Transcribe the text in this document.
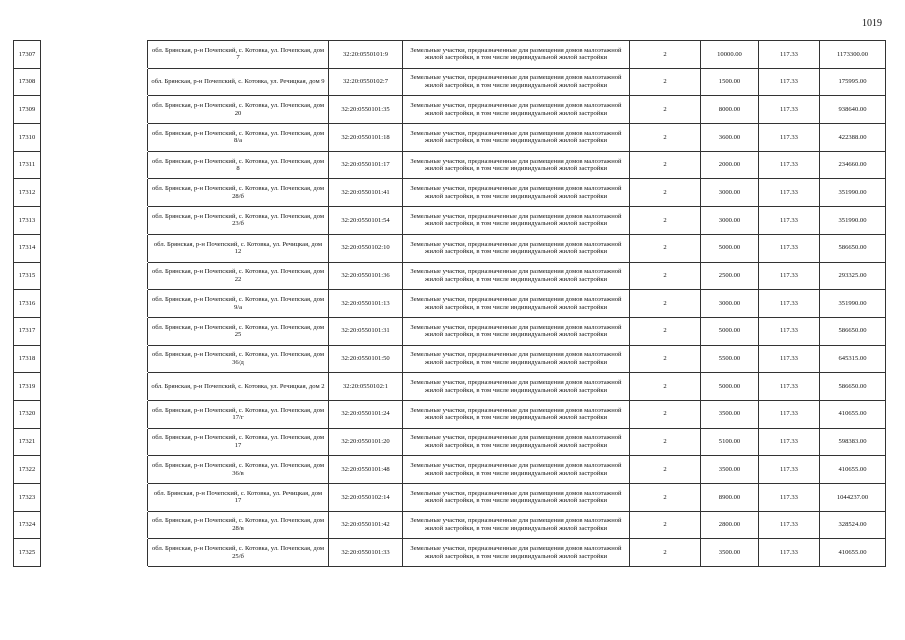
1019
17307		обл. Брянская, р-н Почепский, с. Котовка, ул. Почепская, дом 7	32:20:0550101:9	Земельные участки, предназначенные для размещения домов малоэтажной жилой застройки, в том числе индивидуальной жилой застройки	2	10000.00	117.33	1173300.00
17308		обл. Брянская, р-н Почепский, с. Котовка, ул. Речицкая, дом 9	32:20:0550102:7	Земельные участки, предназначенные для размещения домов малоэтажной жилой застройки, в том числе индивидуальной жилой застройки	2	1500.00	117.33	175995.00
17309		обл. Брянская, р-н Почепский, с. Котовка, ул. Почепская, дом 20	32:20:0550101:35	Земельные участки, предназначенные для размещения домов малоэтажной жилой застройки, в том числе индивидуальной жилой застройки	2	8000.00	117.33	938640.00
17310		обл. Брянская, р-н Почепский, с. Котовка, ул. Почепская, дом 8/а	32:20:0550101:18	Земельные участки, предназначенные для размещения домов малоэтажной жилой застройки, в том числе индивидуальной жилой застройки	2	3600.00	117.33	422388.00
17311		обл. Брянская, р-н Почепский, с. Котовка, ул. Почепская, дом 8	32:20:0550101:17	Земельные участки, предназначенные для размещения домов малоэтажной жилой застройки, в том числе индивидуальной жилой застройки	2	2000.00	117.33	234660.00
17312		обл. Брянская, р-н Почепский, с. Котовка, ул. Почепская, дом 28/б	32:20:0550101:41	Земельные участки, предназначенные для размещения домов малоэтажной жилой застройки, в том числе индивидуальной жилой застройки	2	3000.00	117.33	351990.00
17313		обл. Брянская, р-н Почепский, с. Котовка, ул. Почепская, дом 23/б	32:20:0550101:54	Земельные участки, предназначенные для размещения домов малоэтажной жилой застройки, в том числе индивидуальной жилой застройки	2	3000.00	117.33	351990.00
17314		обл. Брянская, р-н Почепский, с. Котовка, ул. Речицкая, дом 12	32:20:0550102:10	Земельные участки, предназначенные для размещения домов малоэтажной жилой застройки, в том числе индивидуальной жилой застройки	2	5000.00	117.33	586650.00
17315		обл. Брянская, р-н Почепский, с. Котовка, ул. Почепская, дом 22	32:20:0550101:36	Земельные участки, предназначенные для размещения домов малоэтажной жилой застройки, в том числе индивидуальной жилой застройки	2	2500.00	117.33	293325.00
17316		обл. Брянская, р-н Почепский, с. Котовка, ул. Почепская, дом 9/а	32:20:0550101:13	Земельные участки, предназначенные для размещения домов малоэтажной жилой застройки, в том числе индивидуальной жилой застройки	2	3000.00	117.33	351990.00
17317		обл. Брянская, р-н Почепский, с. Котовка, ул. Почепская, дом 25	32:20:0550101:31	Земельные участки, предназначенные для размещения домов малоэтажной жилой застройки, в том числе индивидуальной жилой застройки	2	5000.00	117.33	586650.00
17318		обл. Брянская, р-н Почепский, с. Котовка, ул. Почепская, дом 36/д	32:20:0550101:50	Земельные участки, предназначенные для размещения домов малоэтажной жилой застройки, в том числе индивидуальной жилой застройки	2	5500.00	117.33	645315.00
17319		обл. Брянская, р-н Почепский, с. Котовка, ул. Речицкая, дом 2	32:20:0550102:1	Земельные участки, предназначенные для размещения домов малоэтажной жилой застройки, в том числе индивидуальной жилой застройки	2	5000.00	117.33	586650.00
17320		обл. Брянская, р-н Почепский, с. Котовка, ул. Почепская, дом 17/г	32:20:0550101:24	Земельные участки, предназначенные для размещения домов малоэтажной жилой застройки, в том числе индивидуальной жилой застройки	2	3500.00	117.33	410655.00
17321		обл. Брянская, р-н Почепский, с. Котовка, ул. Почепская, дом 17	32:20:0550101:20	Земельные участки, предназначенные для размещения домов малоэтажной жилой застройки, в том числе индивидуальной жилой застройки	2	5100.00	117.33	598383.00
17322		обл. Брянская, р-н Почепский, с. Котовка, ул. Почепская, дом 36/в	32:20:0550101:48	Земельные участки, предназначенные для размещения домов малоэтажной жилой застройки, в том числе индивидуальной жилой застройки	2	3500.00	117.33	410655.00
17323		обл. Брянская, р-н Почепский, с. Котовка, ул. Речицкая, дом 17	32:20:0550102:14	Земельные участки, предназначенные для размещения домов малоэтажной жилой застройки, в том числе индивидуальной жилой застройки	2	8900.00	117.33	1044237.00
17324		обл. Брянская, р-н Почепский, с. Котовка, ул. Почепская, дом 28/в	32:20:0550101:42	Земельные участки, предназначенные для размещения домов малоэтажной жилой застройки, в том числе индивидуальной жилой застройки	2	2800.00	117.33	328524.00
17325		обл. Брянская, р-н Почепский, с. Котовка, ул. Почепская, дом 25/б	32:20:0550101:33	Земельные участки, предназначенные для размещения домов малоэтажной жилой застройки, в том числе индивидуальной жилой застройки	2	3500.00	117.33	410655.00
